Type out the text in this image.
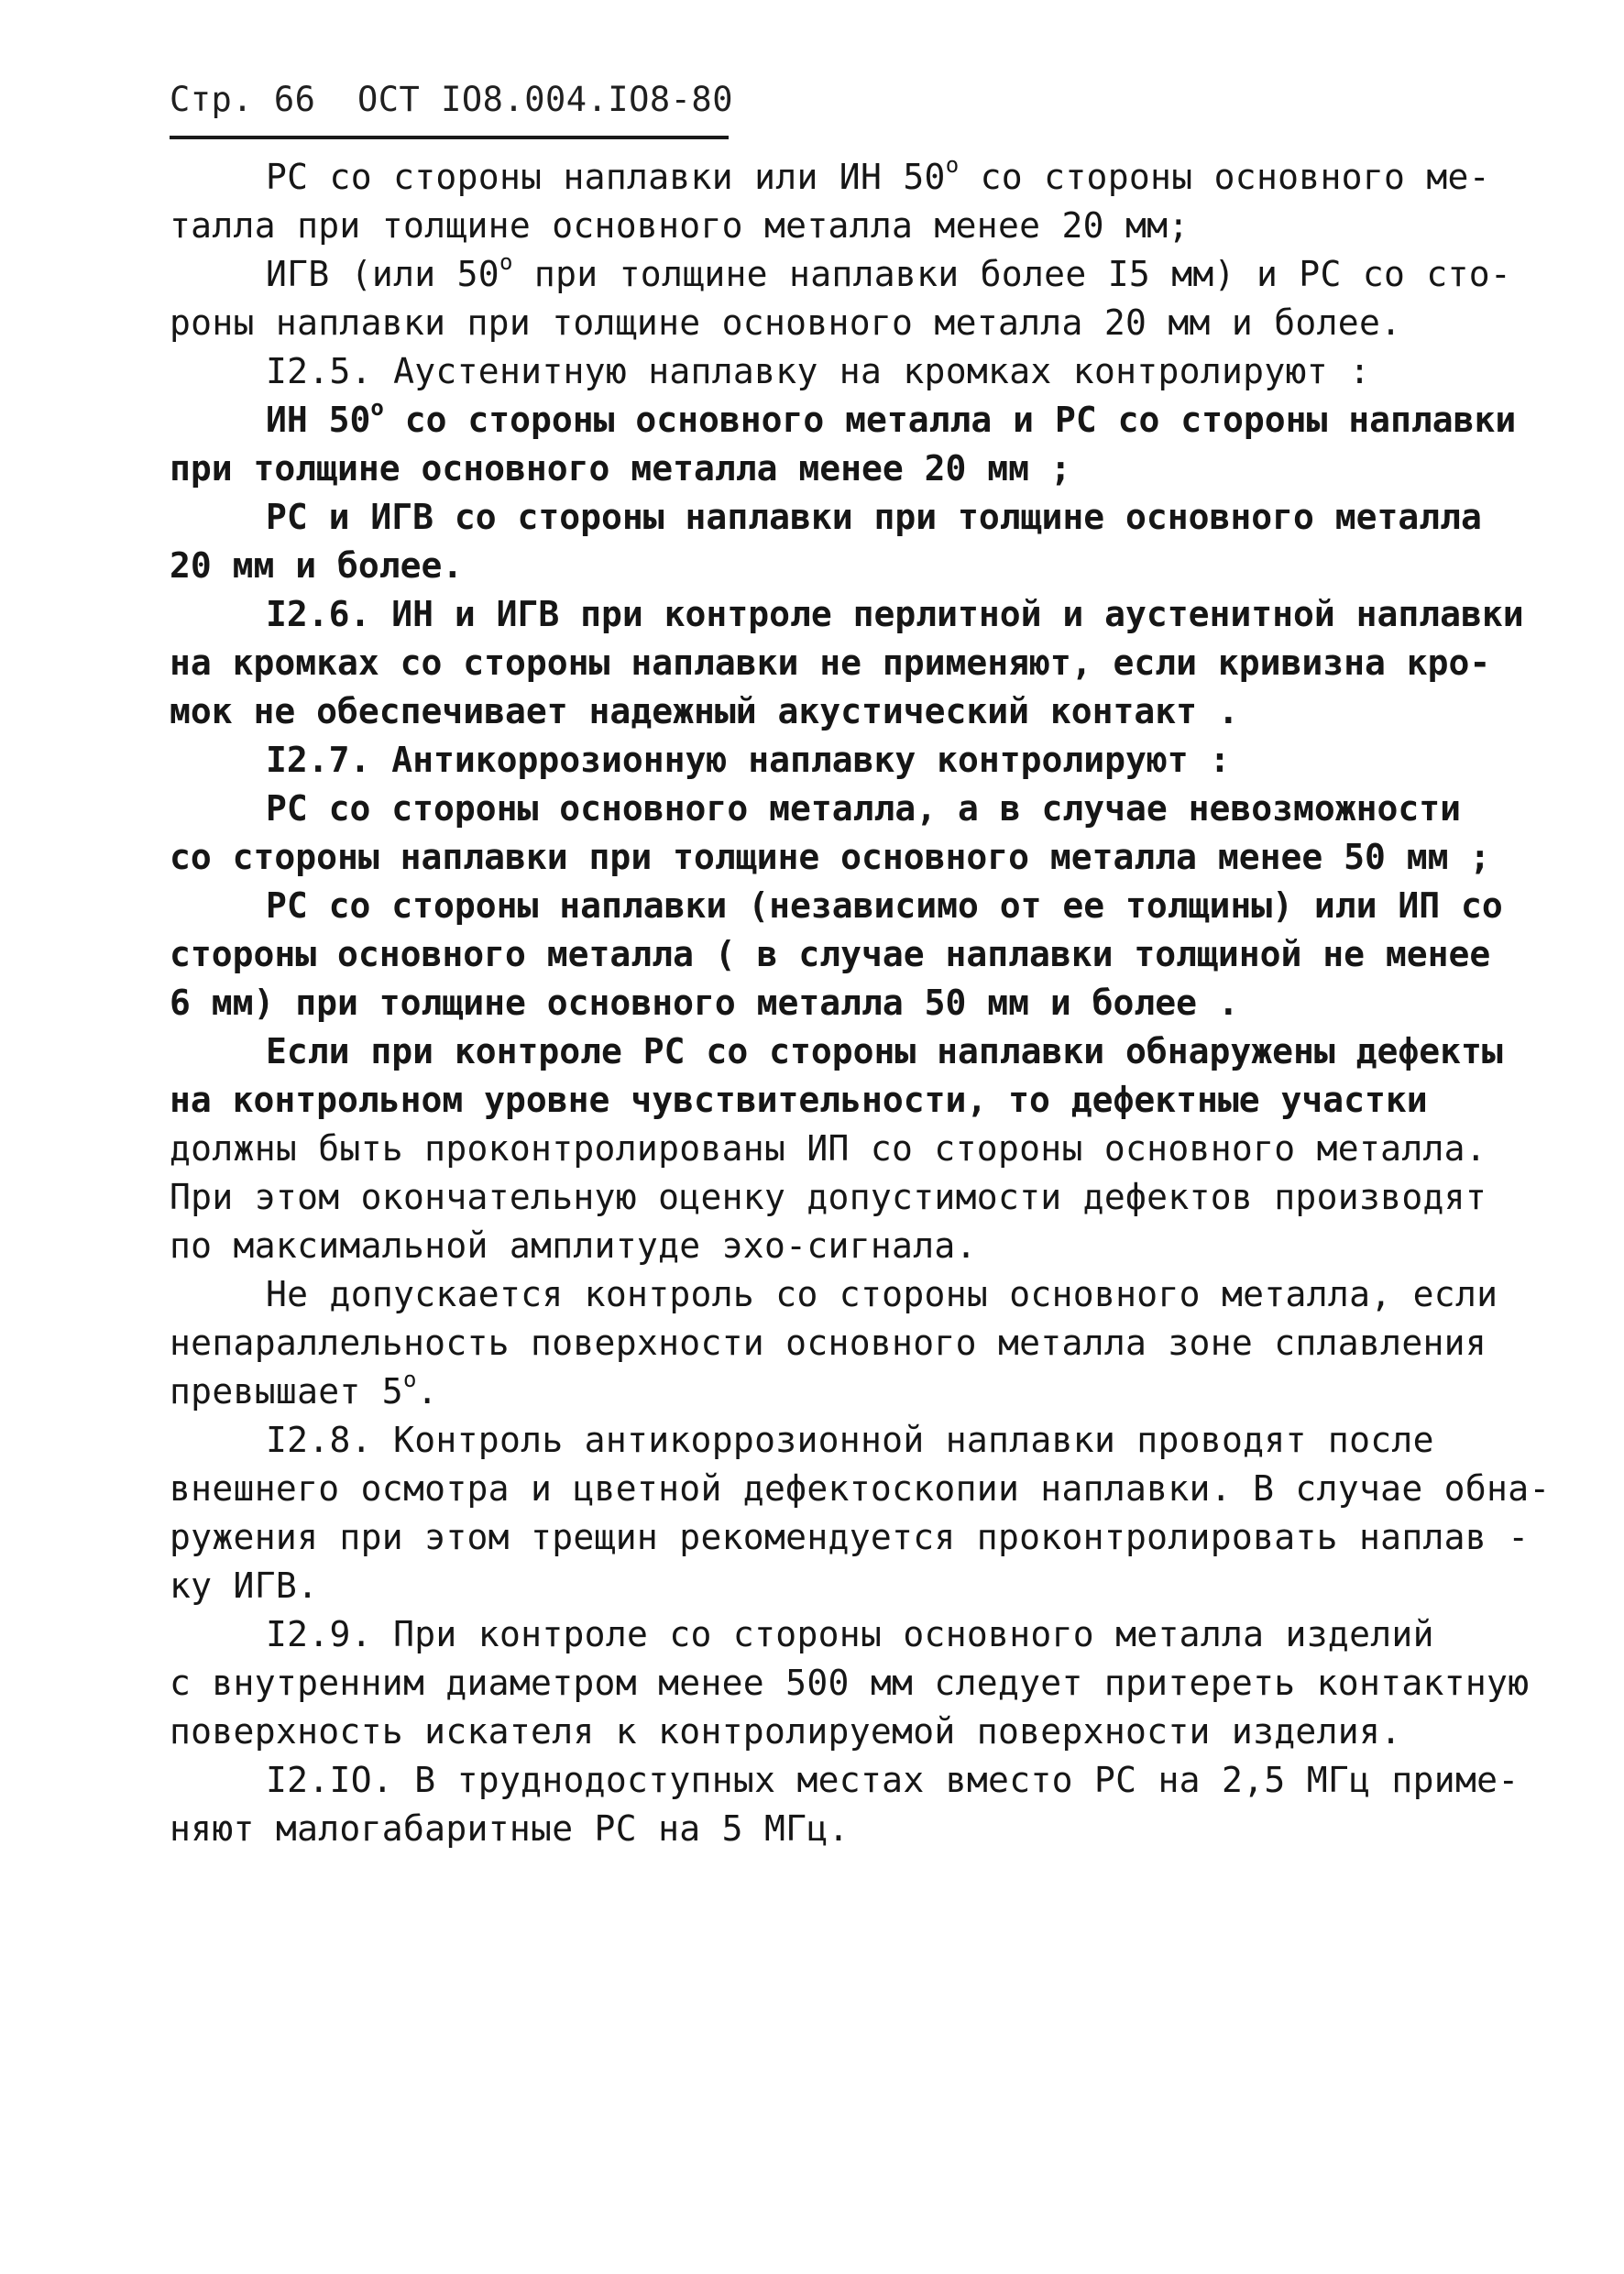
Стр. 66 ОСТ IO8.004.IO8-80
РС со стороны наплавки или ИН 50$^o$ со стороны основного ме-
талла при толщине основного металла менее 20 мм;
ИГВ (или 50$^o$ при толщине наплавки более I5 мм) и РС со сто-
роны наплавки при толщине основного металла 20 мм и более.
I2.5. Аустенитную наплавку на кромках контролируют :
ИН 50$^o$ со стороны основного металла и РС со стороны наплавки
при толщине основного металла менее 20 мм ;
РС и ИГВ со стороны наплавки при толщине основного металла
20 мм и более.
I2.6. ИН и ИГВ при контроле перлитной и аустенитной наплавки
на кромках со стороны наплавки не применяют, если кривизна кро-
мок не обеспечивает надежный акустический контакт .
I2.7. Антикоррозионную наплавку контролируют :
РС со стороны основного металла, а в случае невозможности
со стороны наплавки при толщине основного металла менее 50 мм ;
РС со стороны наплавки (независимо от ее толщины) или ИП со
стороны основного металла ( в случае наплавки толщиной не менее
6 мм) при толщине основного металла 50 мм и более .
Если при контроле РС со стороны наплавки обнаружены дефекты
на контрольном уровне чувствительности, то дефектные участки
должны быть проконтролированы ИП со стороны основного металла.
При этом окончательную оценку допустимости дефектов производят
по максимальной амплитуде эхо-сигнала.
Не допускается контроль со стороны основного металла, если
непараллельность поверхности основного металла зоне сплавления
превышает 5$^o$.
I2.8. Контроль антикоррозионной наплавки проводят после
внешнего осмотра и цветной дефектоскопии наплавки. В случае обна-
ружения при этом трещин рекомендуется проконтролировать наплав -
ку ИГВ.
I2.9. При контроле со стороны основного металла изделий
с внутренним диаметром менее 500 мм следует притереть контактную
поверхность искателя к контролируемой поверхности изделия.
I2.IO. В труднодоступных местах вместо РС на 2,5 МГц приме-
няют малогабаритные РС на 5 МГц.
